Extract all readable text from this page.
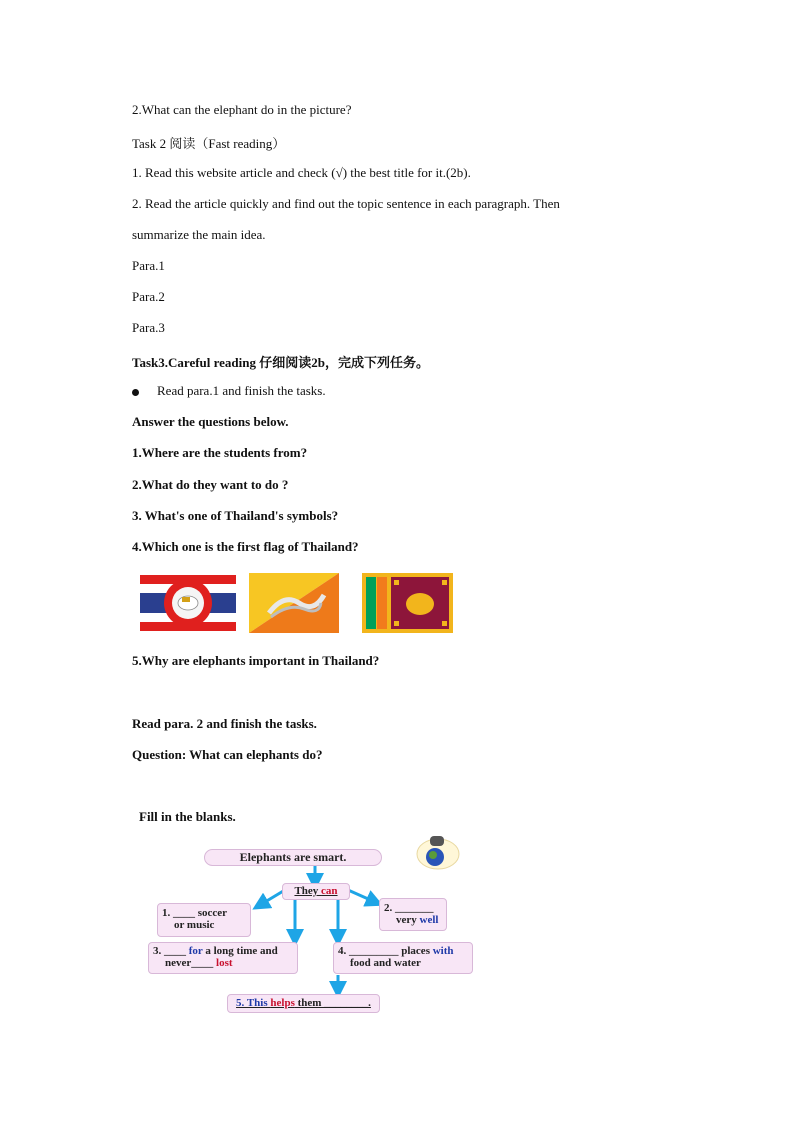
2.What can the elephant do in the picture?
Task 2 阅读（Fast reading）
1. Read this website article and check (√) the best title for it.(2b).
2. Read the article quickly and find out the topic sentence in each paragraph. Then
summarize the main idea.
Para.1
Para.2
Para.3
Task3.Careful reading 仔细阅读2b，完成下列任务。
Read para.1 and finish the tasks.
Answer the questions below.
1.Where are the students from?
2.What do they want to do ?
3. What's one of Thailand's symbols?
4.Which one is the first flag of Thailand?
5.Why are elephants important in Thailand?
Read para. 2 and finish the tasks.
Question: What can elephants do?
Fill in the blanks.
Elephants are smart.
They can
1. ____ soccer
or music
2. _______
very well
3. ____ for a long time and
never____ lost
4. _________ places with
food and water
5. This helps them ________.
